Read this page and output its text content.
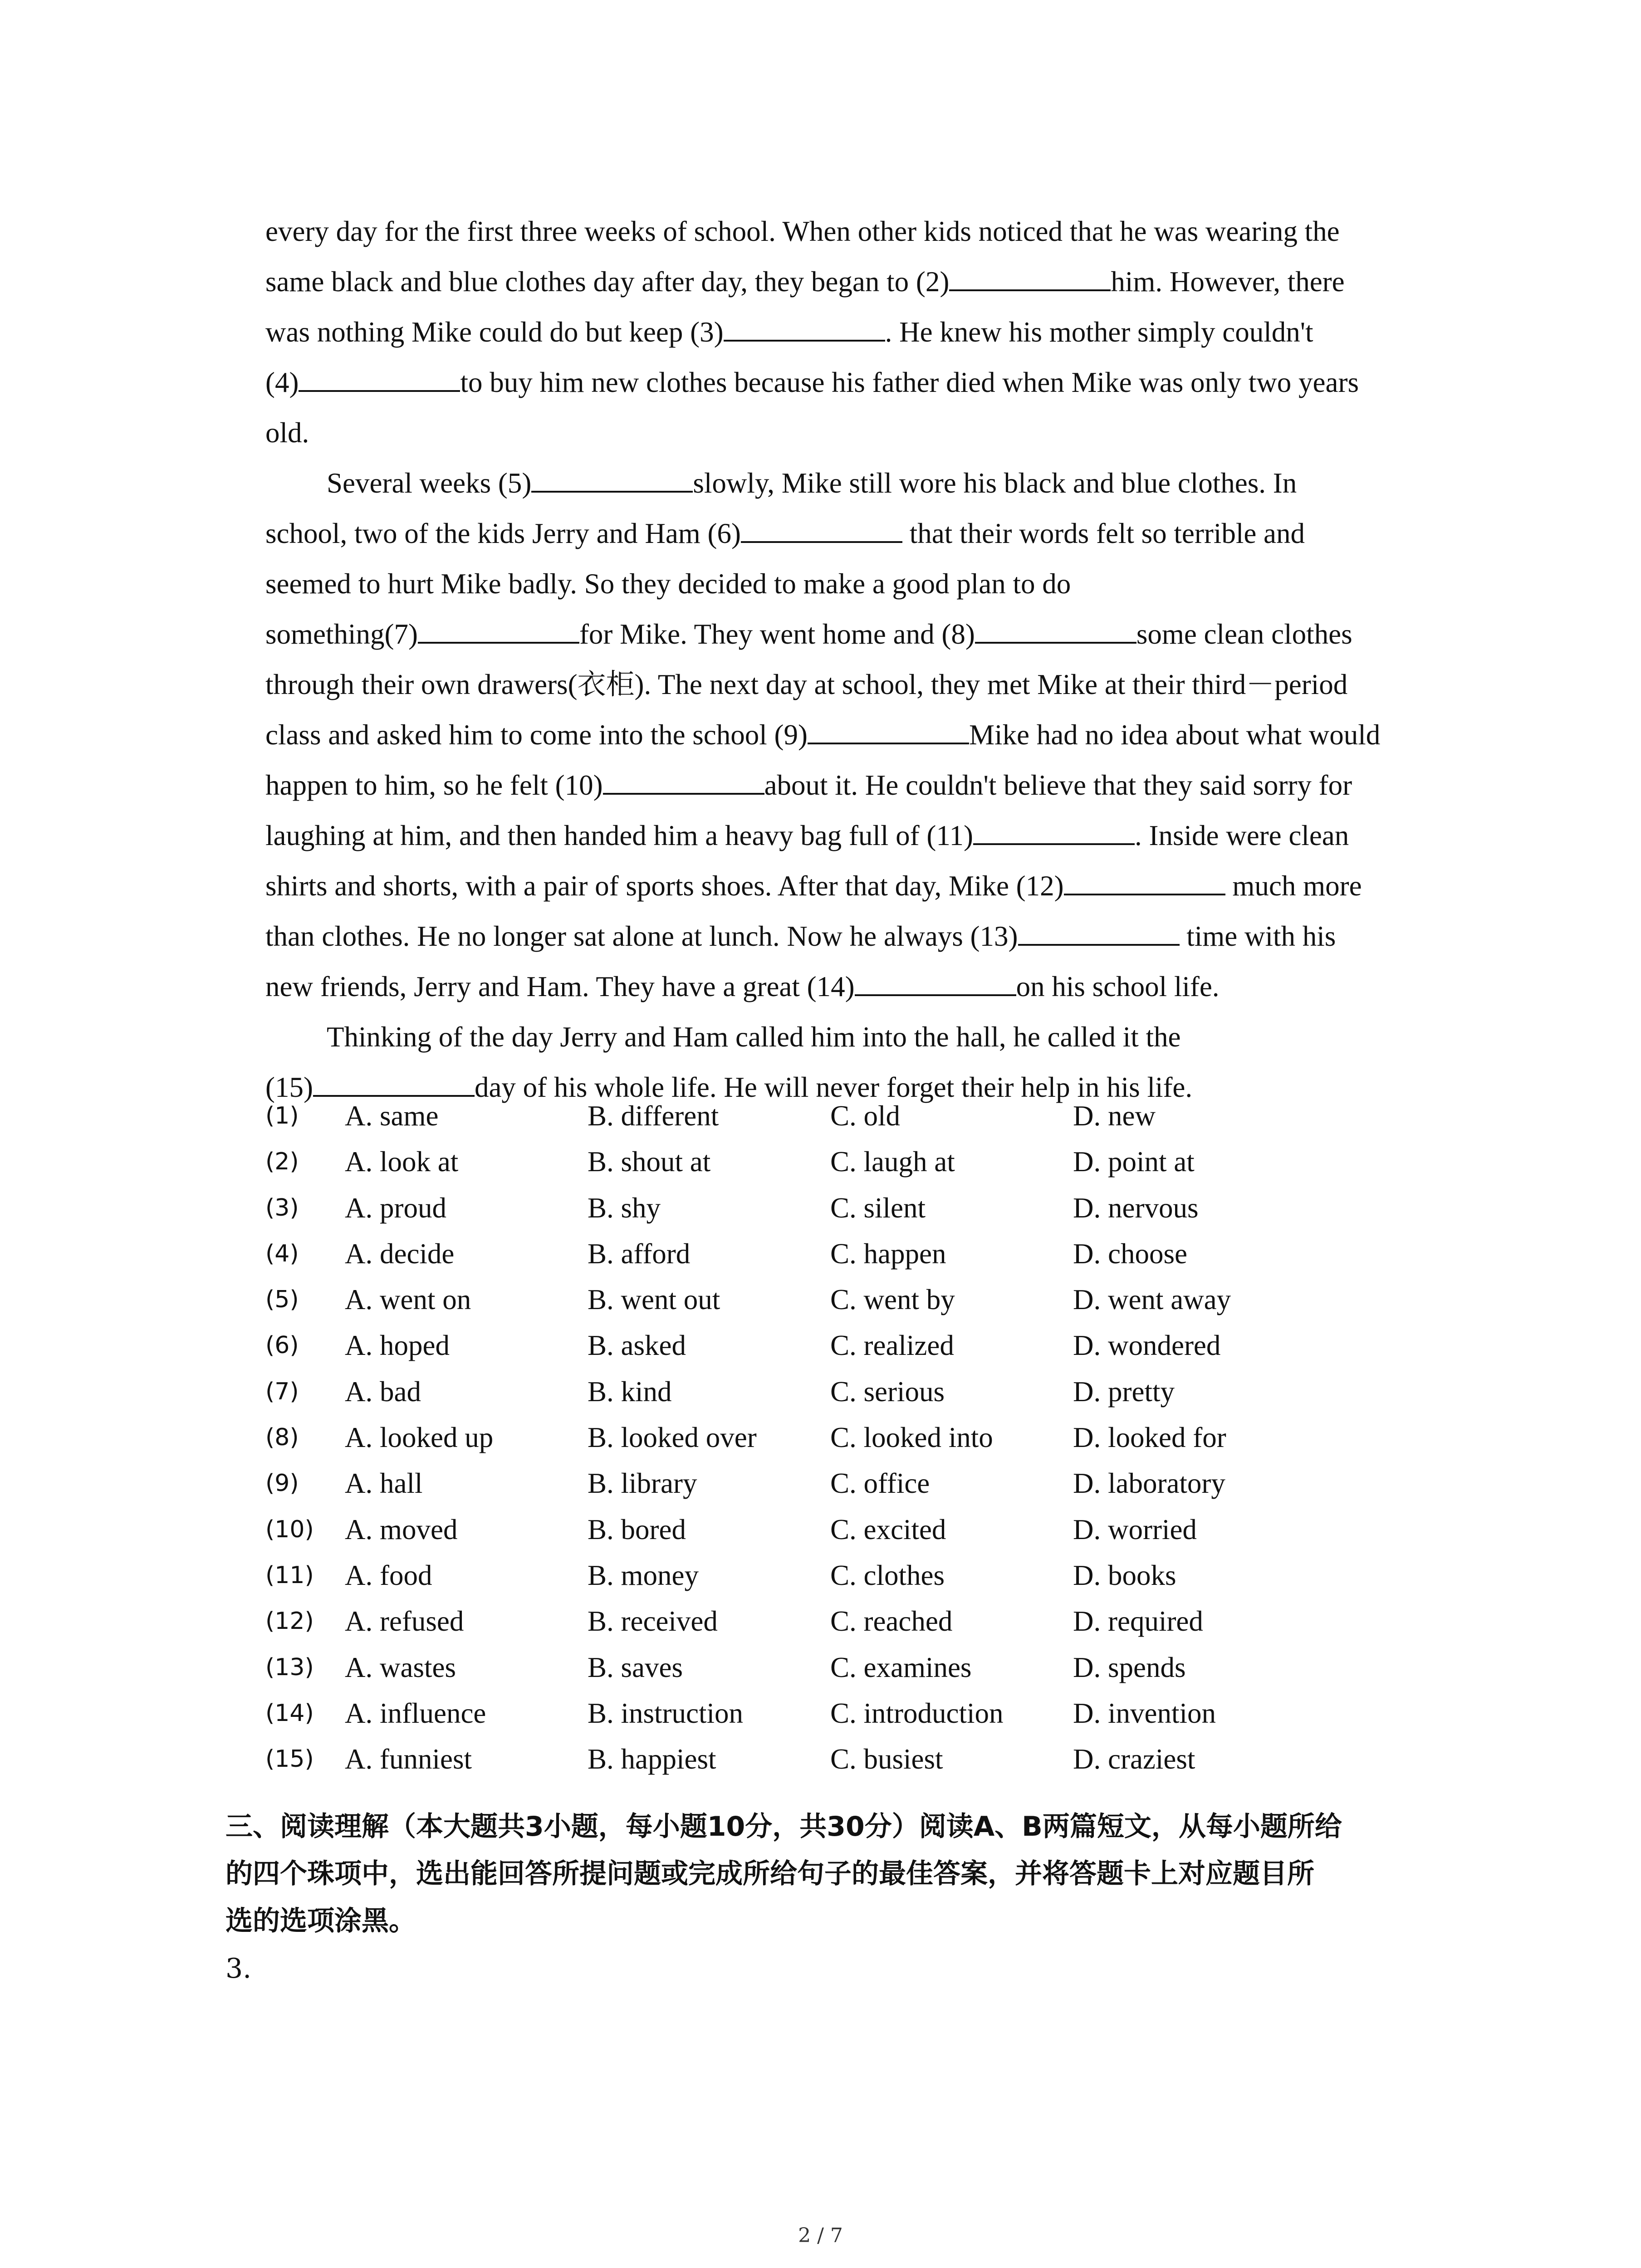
every day for the first three weeks of school. When other kids noticed that he was wearing the
same black and blue clothes day after day, they began to (2)	him. However, there
was nothing Mike could do but keep (3)	. He knew his mother simply couldn't
(4)	to buy him new clothes because his father died when Mike was only two years
old.
Several weeks (5)	slowly, Mike still wore his black and blue clothes. In
school, two of the kids Jerry and Ham (6)	that their words felt so terrible and
seemed to hurt Mike badly. So they decided to make a good plan to do
something(7)	for Mike. They went home and (8)	some clean clothes
through their own drawers(衣柜). The next day at school, they met Mike at their third－period
class and asked him to come into the school (9)	Mike had no idea about what would
happen to him, so he felt (10)	about it. He couldn't believe that they said sorry for
laughing at him, and then handed him a heavy bag full of (11)	. Inside were clean
shirts and shorts, with a pair of sports shoes. After that day, Mike (12)	much more
than clothes. He no longer sat alone at lunch. Now he always (13)	time with his
new friends, Jerry and Ham. They have a great (14)	on his school life.
Thinking of the day Jerry and Ham called him into the hall, he called it the
(15)	day of his whole life. He will never forget their help in his life.
(1) A. same	B. different	C. old	D. new
(2) A. look at	B. shout at	C. laugh at	D. point at
(3) A. proud	B. shy	C. silent	D. nervous
(4) A. decide	B. afford	C. happen	D. choose
(5) A. went on	B. went out	C. went by	D. went away
(6) A. hoped	B. asked	C. realized	D. wondered
(7) A. bad	B. kind	C. serious	D. pretty
(8) A. looked up	B. looked over	C. looked into	D. looked for
(9) A. hall	B. library	C. office	D. laboratory
(10) A. moved	B. bored	C. excited	D. worried
(11) A. food	B. money	C. clothes	D. books
(12) A. refused	B. received	C. reached	D. required
(13) A. wastes	B. saves	C. examines	D. spends
(14) A. influence	B. instruction	C. introduction D. invention
(15) A. funniest	B. happiest	C. busiest	D. craziest
三、阅读理解（本大题共3小题，每小题10分，共30分）阅读A、B两篇短文，从每小题所给
的四个珠项中，选出能回答所提问题或完成所给句子的最佳答案，并将答题卡上对应题目所
选的选项涂黑。
3.
2 / 7
